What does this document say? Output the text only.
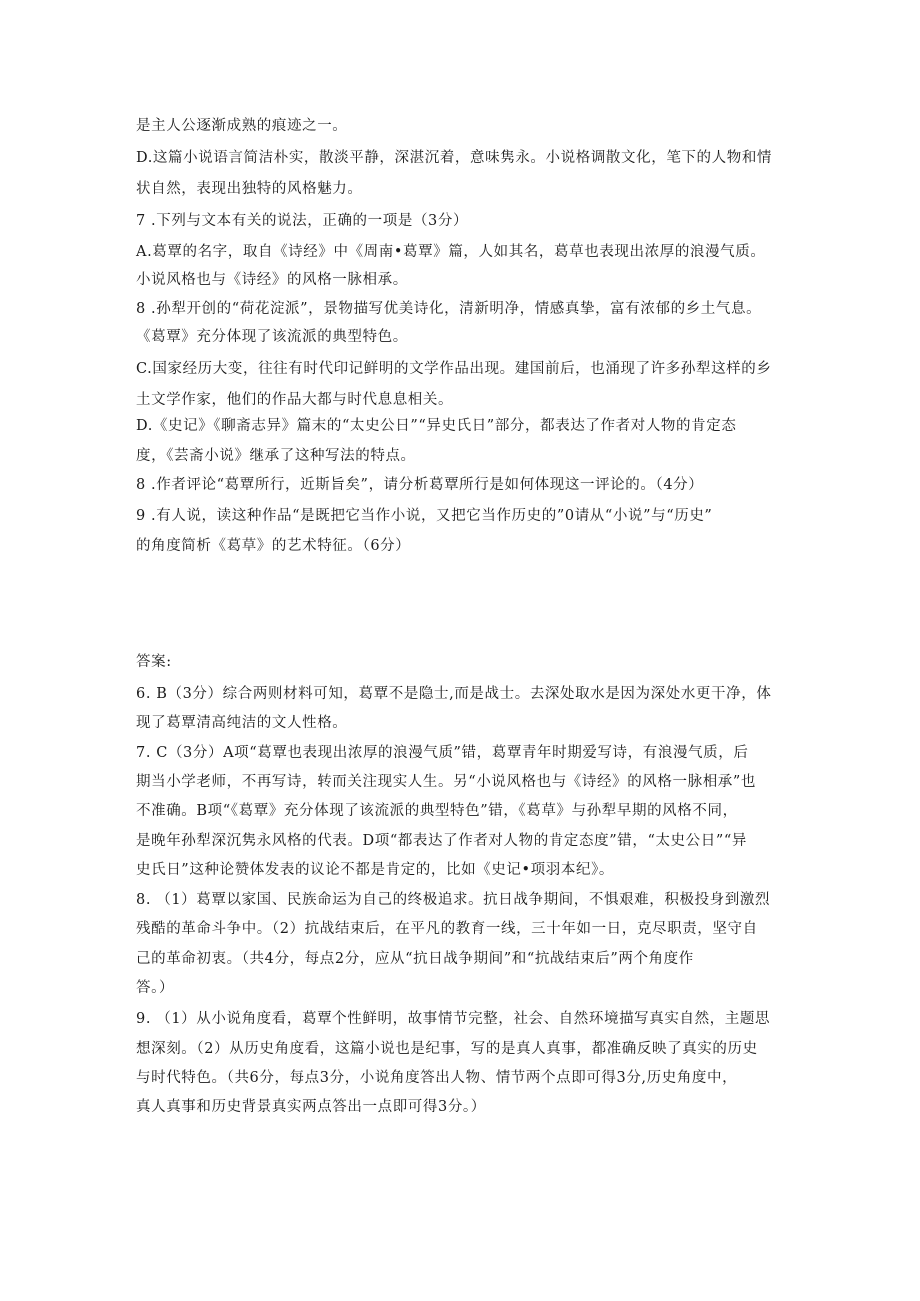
是主人公逐渐成熟的痕迹之一。
D.这篇小说语言简洁朴实，散淡平静，深湛沉着，意味隽永。小说格调散文化，笔下的人物和情
状自然，表现出独特的风格魅力。
7 .下列与文本有关的说法，正确的一项是（3分）
A.葛覃的名字，取自《诗经》中《周南•葛覃》篇，人如其名，葛草也表现出浓厚的浪漫气质。
小说风格也与《诗经》的风格一脉相承。
8 .孙犁开创的“荷花淀派”，景物描写优美诗化，清新明净，情感真挚，富有浓郁的乡土气息。
《葛覃》充分体现了该流派的典型特色。
C.国家经历大变，往往有时代印记鲜明的文学作品出现。建国前后，也涌现了许多孙犁这样的乡
土文学作家，他们的作品大都与时代息息相关。
D.《史记》《聊斋志异》篇末的“太史公日”“异史氏日”部分，都表达了作者对人物的肯定态
度，《芸斋小说》继承了这种写法的特点。
8 .作者评论“葛覃所行，近斯旨矣”，请分析葛覃所行是如何体现这一评论的。（4分）
9 .有人说，读这种作品“是既把它当作小说，又把它当作历史的”0请从“小说”与“历史”
的角度简析《葛草》的艺术特征。（6分）
答案:
6. B（3分）综合两则材料可知，葛覃不是隐士,而是战士。去深处取水是因为深处水更干净，体
现了葛覃清高纯洁的文人性格。
7. C（3分）A项“葛覃也表现出浓厚的浪漫气质”错，葛覃青年时期爱写诗，有浪漫气质，后
期当小学老师，不再写诗，转而关注现实人生。另“小说风格也与《诗经》的风格一脉相承”也
不准确。B项“《葛覃》充分体现了该流派的典型特色”错，《葛草》与孙犁早期的风格不同，
是晚年孙犁深沉隽永风格的代表。D项“都表达了作者对人物的肯定态度”错，“太史公日”“异
史氏日”这种论赞体发表的议论不都是肯定的，比如《史记•项羽本纪》。
8. （1）葛覃以家国、民族命运为自己的终极追求。抗日战争期间，不惧艰难，积极投身到激烈
残酷的革命斗争中。（2）抗战结束后，在平凡的教育一线，三十年如一日，克尽职责，坚守自
己的革命初衷。（共4分，每点2分，应从“抗日战争期间”和“抗战结束后”两个角度作
答。）
9. （1）从小说角度看，葛覃个性鲜明，故事情节完整，社会、自然环境描写真实自然，主题思
想深刻。（2）从历史角度看，这篇小说也是纪事，写的是真人真事，都准确反映了真实的历史
与时代特色。（共6分，每点3分，小说角度答出人物、情节两个点即可得3分,历史角度中，
真人真事和历史背景真实两点答出一点即可得3分。）
